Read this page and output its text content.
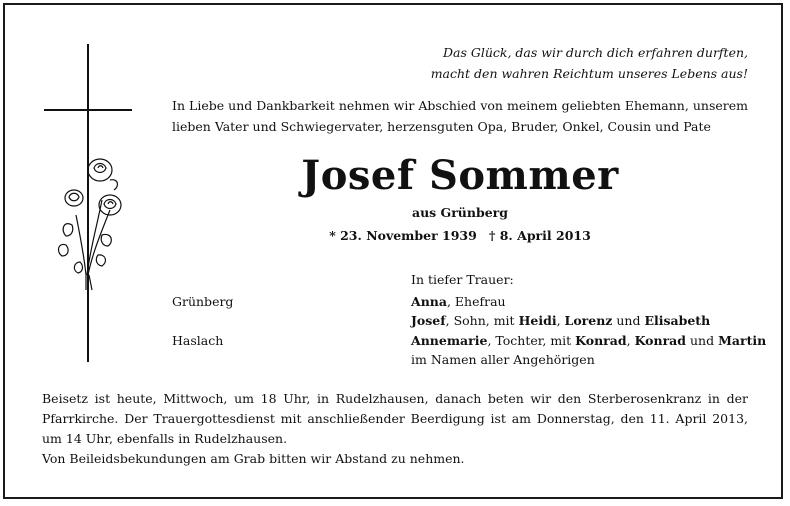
Das Glück, das wir durch dich erfahren durften,
macht den wahren Reichtum unseres Lebens aus!
In Liebe und Dankbarkeit nehmen wir Abschied von meinem geliebten Ehemann, unserem lieben Vater und Schwiegervater, herzensguten Opa, Bruder, Onkel, Cousin und Pate
Josef Sommer
aus Grünberg
* 23. November 1939 † 8. April 2013
In tiefer Trauer:
Grünberg
Haslach
Anna, Ehefrau
Josef, Sohn, mit Heidi, Lorenz und Elisabeth
Annemarie, Tochter, mit Konrad, Konrad und Martin
im Namen aller Angehörigen
Beisetz ist heute, Mittwoch, um 18 Uhr, in Rudelzhausen, danach beten wir den Sterberosenkranz in der Pfarrkirche. Der Trauergottesdienst mit anschließender Beerdigung ist am Donnerstag, den 11. April 2013, um 14 Uhr, ebenfalls in Rudelzhausen.
Von Beileidsbekundungen am Grab bitten wir Abstand zu nehmen.
